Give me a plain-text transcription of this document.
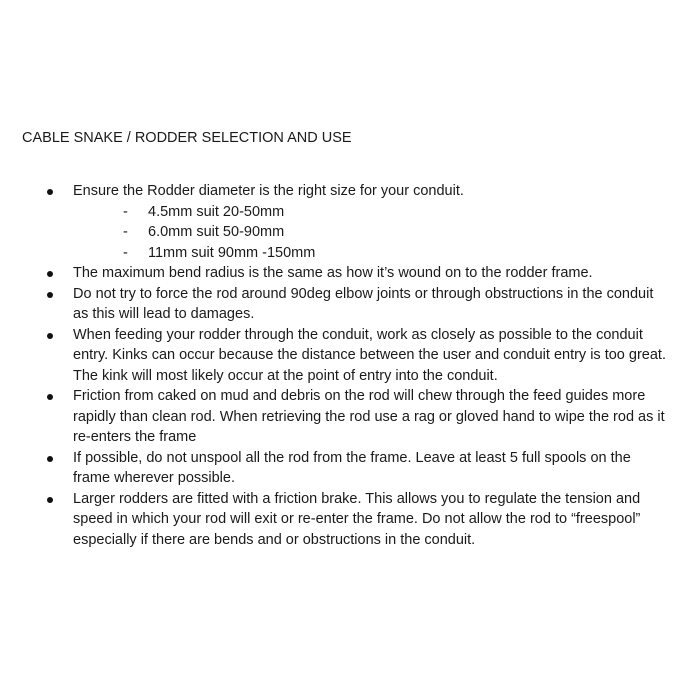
CABLE SNAKE / RODDER SELECTION AND USE
Ensure the Rodder diameter is the right size for your conduit.
- 4.5mm suit 20-50mm
- 6.0mm suit 50-90mm
- 11mm suit 90mm -150mm
The maximum bend radius is the same as how it’s wound on to the rodder frame.
Do not try to force the rod around 90deg elbow joints or through obstructions in the conduit
as this will lead to damages.
When feeding your rodder through the conduit, work as closely as possible to the conduit
entry. Kinks can occur because the distance between the user and conduit entry is too great.
The kink will most likely occur at the point of entry into the conduit.
Friction from caked on mud and debris on the rod will chew through the feed guides more
rapidly than clean rod. When retrieving the rod use a rag or gloved hand to wipe the rod as it
re-enters the frame
If possible, do not unspool all the rod from the frame. Leave at least 5 full spools on the
frame wherever possible.
Larger rodders are fitted with a friction brake. This allows you to regulate the tension and
speed in which your rod will exit or re-enter the frame. Do not allow the rod to “freespool”
especially if there are bends and or obstructions in the conduit.
